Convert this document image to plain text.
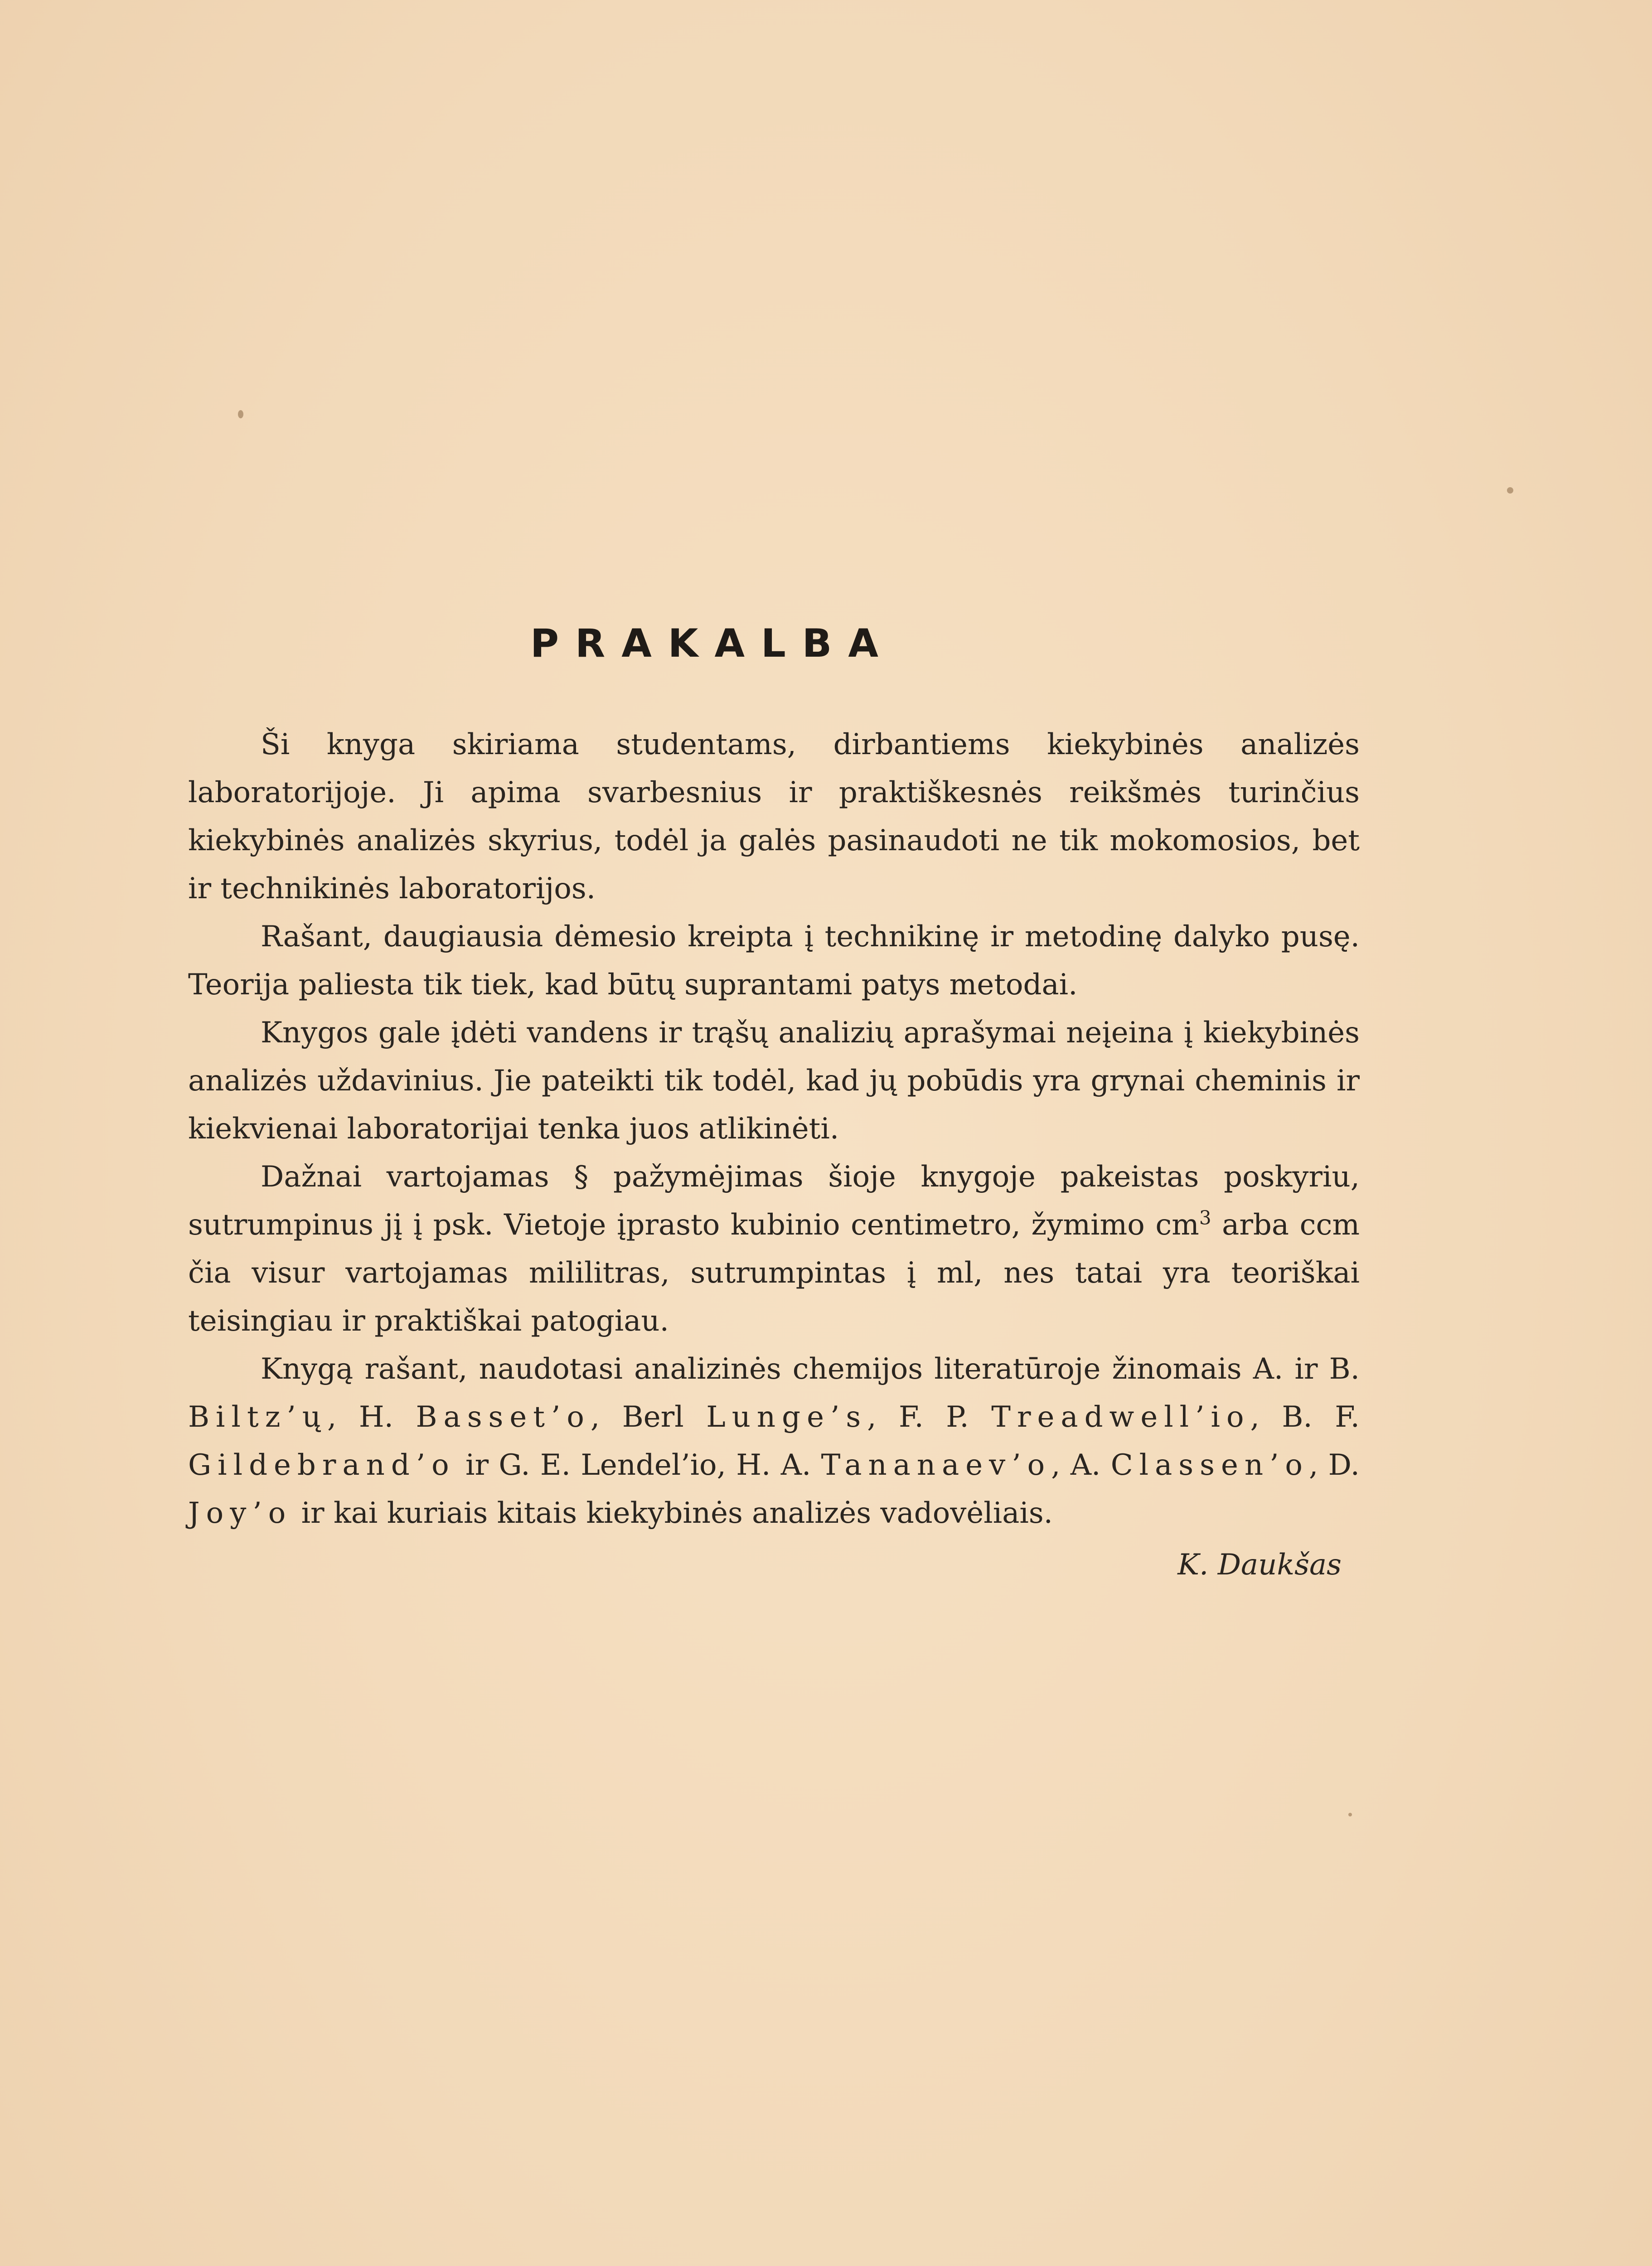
PRAKALBA

Ši knyga skiriama studentams, dirbantiems kiekybinės analizės laboratorijoje. Ji apima svarbesnius ir praktiškesnės reikšmės turinčius kiekybinės analizės skyrius, todėl ja galės pasinaudoti ne tik mokomosios, bet ir technikinės laboratorijos.

Rašant, daugiausia dėmesio kreipta į technikinę ir metodinę dalyko pusę. Teorija paliesta tik tiek, kad būtų suprantami patys metodai.

Knygos gale įdėti vandens ir trąšų analizių aprašymai neįeina į kiekybinės analizės uždavinius. Jie pateikti tik todėl, kad jų pobūdis yra grynai cheminis ir kiekvienai laboratorijai tenka juos atlikinėti.

Dažnai vartojamas § pažymėjimas šioje knygoje pakeistas poskyriu, sutrumpinus jį į psk. Vietoje įprasto kubinio centimetro, žymimo $cm^3$ arba ccm čia visur vartojamas mililitras, sutrumpintas į ml, nes tatai yra teoriškai teisingiau ir praktiškai patogiau.

Knygą rašant, naudotasi analizinės chemijos literatūroje žinomais A. ir B. Biltz’ų, H. Basset’o, Berl Lunge’s, F. P. Treadwell’io, B. F. Gildebrand’o ir G. E. Lendel’io, H. A. Tananaev’o, A. Classen’o, D. Joy’o ir kai kuriais kitais kiekybinės analizės vadovėliais.

K. Daukšas
